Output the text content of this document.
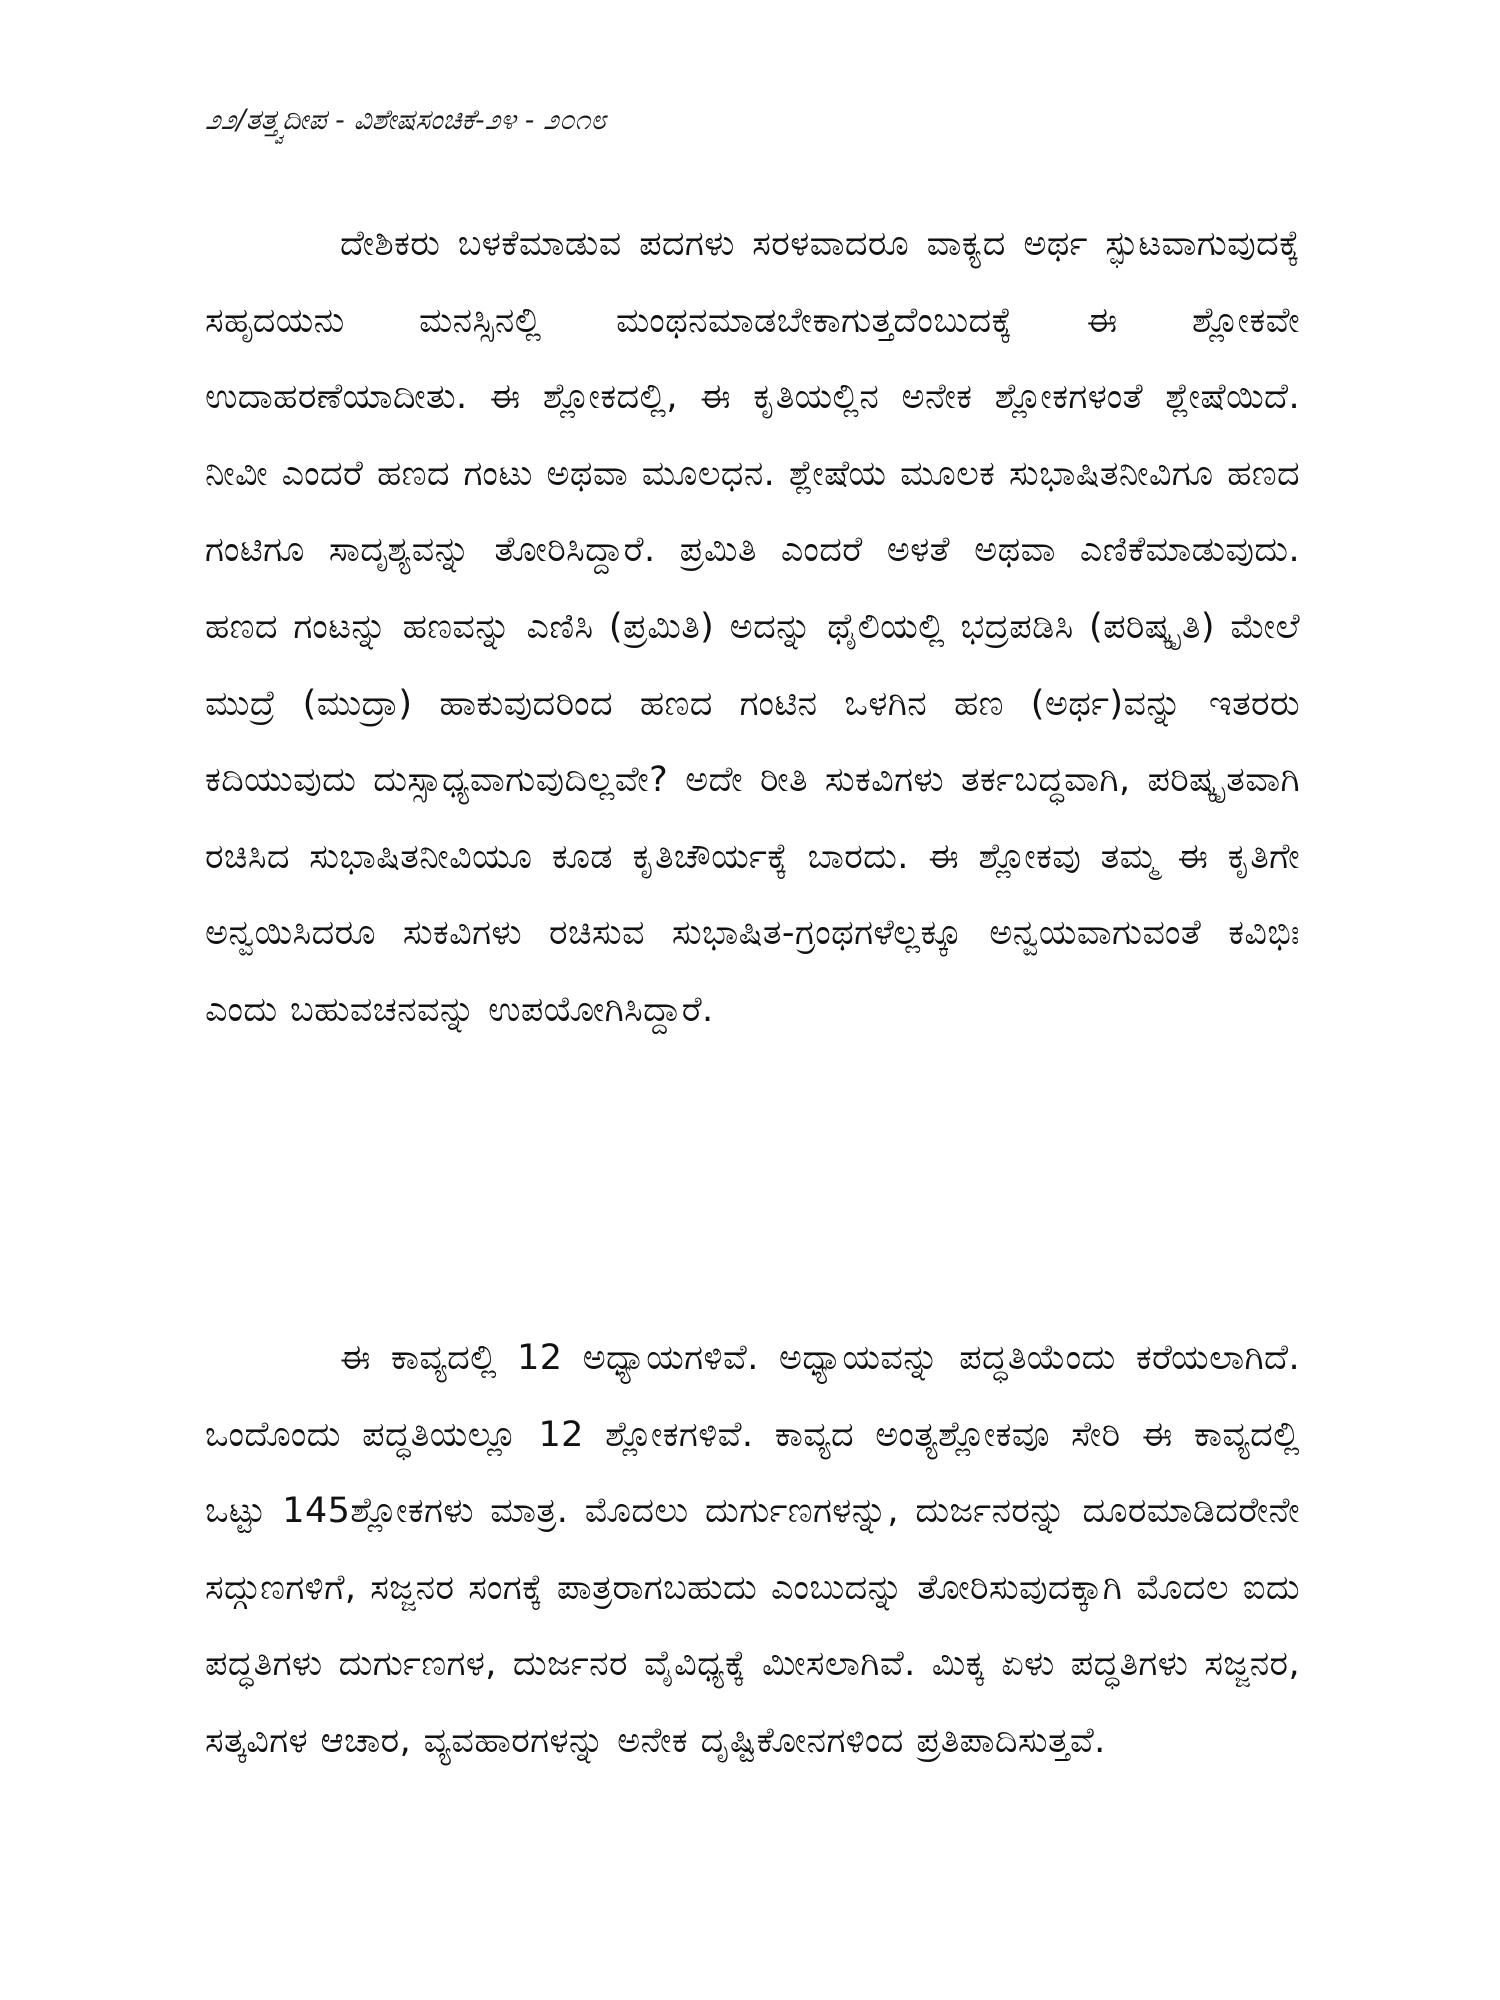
೨೨/ತತ್ತ್ವದೀಪ - ವಿಶೇಷಸಂಚಿಕೆ-೨೪ - ೨೦೧೮

ದೇಶಿಕರು ಬಳಕೆಮಾಡುವ ಪದಗಳು ಸರಳವಾದರೂ ವಾಕ್ಯದ ಅರ್ಥ ಸ್ಫುಟವಾಗುವುದಕ್ಕೆ ಸಹೃದಯನು ಮನಸ್ಸಿನಲ್ಲಿ ಮಂಥನಮಾಡಬೇಕಾಗುತ್ತದೆಂಬುದಕ್ಕೆ ಈ ಶ್ಲೋಕವೇ ಉದಾಹರಣೆಯಾದೀತು. ಈ ಶ್ಲೋಕದಲ್ಲಿ, ಈ ಕೃತಿಯಲ್ಲಿನ ಅನೇಕ ಶ್ಲೋಕಗಳಂತೆ ಶ್ಲೇಷೆಯಿದೆ. ನೀವೀ ಎಂದರೆ ಹಣದ ಗಂಟು ಅಥವಾ ಮೂಲಧನ. ಶ್ಲೇಷೆಯ ಮೂಲಕ ಸುಭಾಷಿತನೀವಿಗೂ ಹಣದ ಗಂಟಿಗೂ ಸಾದೃಶ್ಯವನ್ನು ತೋರಿಸಿದ್ದಾರೆ. ಪ್ರಮಿತಿ ಎಂದರೆ ಅಳತೆ ಅಥವಾ ಎಣಿಕೆಮಾಡುವುದು. ಹಣದ ಗಂಟನ್ನು ಹಣವನ್ನು ಎಣಿಸಿ (ಪ್ರಮಿತಿ) ಅದನ್ನು ಥೈಲಿಯಲ್ಲಿ ಭದ್ರಪಡಿಸಿ (ಪರಿಷ್ಕೃತಿ) ಮೇಲೆ ಮುದ್ರೆ (ಮುದ್ರಾ) ಹಾಕುವುದರಿಂದ ಹಣದ ಗಂಟಿನ ಒಳಗಿನ ಹಣ (ಅರ್ಥ)ವನ್ನು ಇತರರು ಕದಿಯುವುದು ದುಸ್ಸಾಧ್ಯವಾಗುವುದಿಲ್ಲವೇ? ಅದೇ ರೀತಿ ಸುಕವಿಗಳು ತರ್ಕಬದ್ಧವಾಗಿ, ಪರಿಷ್ಕೃತವಾಗಿ ರಚಿಸಿದ ಸುಭಾಷಿತನೀವಿಯೂ ಕೂಡ ಕೃತಿಚೌರ್ಯಕ್ಕೆ ಬಾರದು. ಈ ಶ್ಲೋಕವು ತಮ್ಮ ಈ ಕೃತಿಗೇ ಅನ್ವಯಿಸಿದರೂ ಸುಕವಿಗಳು ರಚಿಸುವ ಸುಭಾಷಿತ-ಗ್ರಂಥಗಳೆಲ್ಲಕ್ಕೂ ಅನ್ವಯವಾಗುವಂತೆ ಕವಿಭಿಃ ಎಂದು ಬಹುವಚನವನ್ನು ಉಪಯೋಗಿಸಿದ್ದಾರೆ.

ಈ ಕಾವ್ಯದಲ್ಲಿ 12 ಅಧ್ಯಾಯಗಳಿವೆ. ಅಧ್ಯಾಯವನ್ನು ಪದ್ಧತಿಯೆಂದು ಕರೆಯಲಾಗಿದೆ. ಒಂದೊಂದು ಪದ್ಧತಿಯಲ್ಲೂ 12 ಶ್ಲೋಕಗಳಿವೆ. ಕಾವ್ಯದ ಅಂತ್ಯಶ್ಲೋಕವೂ ಸೇರಿ ಈ ಕಾವ್ಯದಲ್ಲಿ ಒಟ್ಟು 145ಶ್ಲೋಕಗಳು ಮಾತ್ರ. ಮೊದಲು ದುರ್ಗುಣಗಳನ್ನು, ದುರ್ಜನರನ್ನು ದೂರಮಾಡಿದರೇನೇ ಸದ್ಗುಣಗಳಿಗೆ, ಸಜ್ಜನರ ಸಂಗಕ್ಕೆ ಪಾತ್ರರಾಗಬಹುದು ಎಂಬುದನ್ನು ತೋರಿಸುವುದಕ್ಕಾಗಿ ಮೊದಲ ಐದು ಪದ್ಧತಿಗಳು ದುರ್ಗುಣಗಳ, ದುರ್ಜನರ ವೈವಿಧ್ಯಕ್ಕೆ ಮೀಸಲಾಗಿವೆ. ಮಿಕ್ಕ ಏಳು ಪದ್ಧತಿಗಳು ಸಜ್ಜನರ, ಸತ್ಕವಿಗಳ ಆಚಾರ, ವ್ಯವಹಾರಗಳನ್ನು ಅನೇಕ ದೃಷ್ಟಿಕೋನಗಳಿಂದ ಪ್ರತಿಪಾದಿಸುತ್ತವೆ.
